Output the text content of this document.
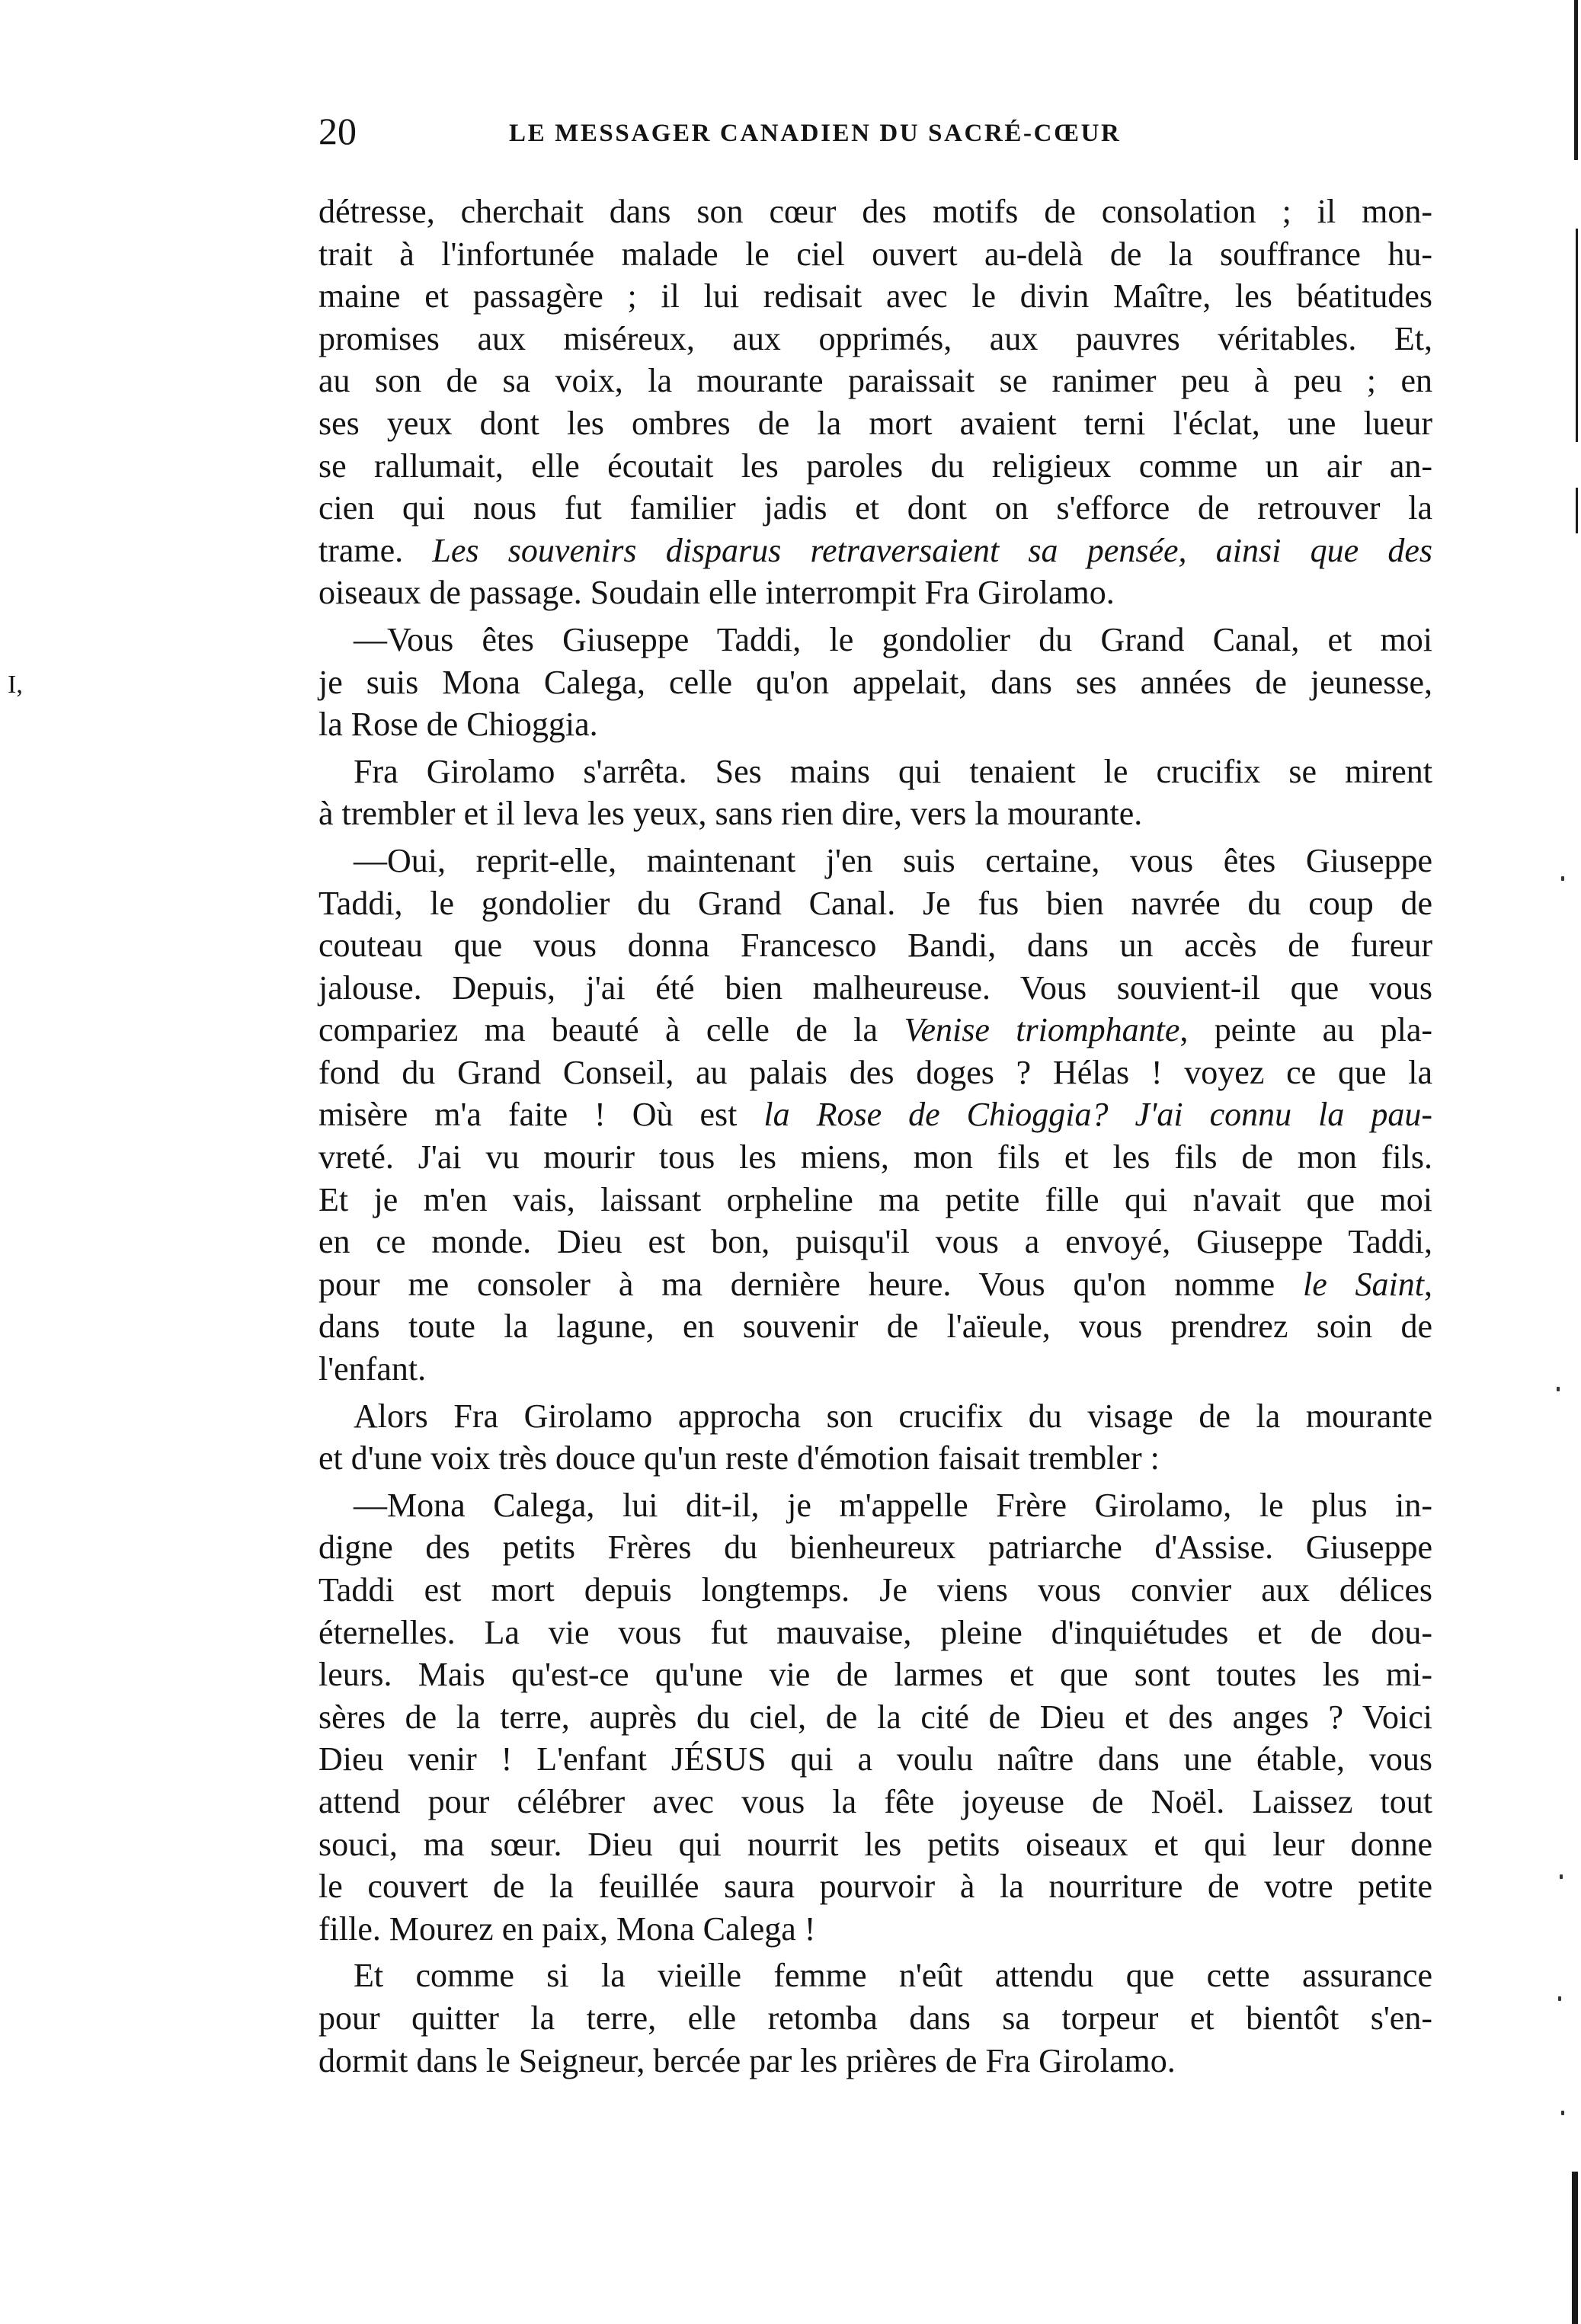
20	LE MESSAGER CANADIEN DU SACRÉ-CŒUR
I,

détresse, cherchait dans son cœur des motifs de consolation ; il mon-
trait à l'infortunée malade le ciel ouvert au-delà de la souffrance hu-
maine et passagère ; il lui redisait avec le divin Maître, les béatitudes
promises aux miséreux, aux opprimés, aux pauvres véritables. Et,
au son de sa voix, la mourante paraissait se ranimer peu à peu ; en
ses yeux dont les ombres de la mort avaient terni l'éclat, une lueur
se rallumait, elle écoutait les paroles du religieux comme un air an-
cien qui nous fut familier jadis et dont on s'efforce de retrouver la
trame. Les souvenirs disparus retraversaient sa pensée, ainsi que des
oiseaux de passage. Soudain elle interrompit Fra Girolamo.

—Vous êtes Giuseppe Taddi, le gondolier du Grand Canal, et moi
je suis Mona Calega, celle qu'on appelait, dans ses années de jeunesse,
la Rose de Chioggia.

Fra Girolamo s'arrêta. Ses mains qui tenaient le crucifix se mirent
à trembler et il leva les yeux, sans rien dire, vers la mourante.

—Oui, reprit-elle, maintenant j'en suis certaine, vous êtes Giuseppe
Taddi, le gondolier du Grand Canal. Je fus bien navrée du coup de
couteau que vous donna Francesco Bandi, dans un accès de fureur
jalouse. Depuis, j'ai été bien malheureuse. Vous souvient-il que vous
compariez ma beauté à celle de la Venise triomphante, peinte au pla-
fond du Grand Conseil, au palais des doges ? Hélas ! voyez ce que la
misère m'a faite ! Où est la Rose de Chioggia? J'ai connu la pau-
vreté. J'ai vu mourir tous les miens, mon fils et les fils de mon fils.
Et je m'en vais, laissant orpheline ma petite fille qui n'avait que moi
en ce monde. Dieu est bon, puisqu'il vous a envoyé, Giuseppe Taddi,
pour me consoler à ma dernière heure. Vous qu'on nomme le Saint,
dans toute la lagune, en souvenir de l'aïeule, vous prendrez soin de
l'enfant.

Alors Fra Girolamo approcha son crucifix du visage de la mourante
et d'une voix très douce qu'un reste d'émotion faisait trembler :

—Mona Calega, lui dit-il, je m'appelle Frère Girolamo, le plus in-
digne des petits Frères du bienheureux patriarche d'Assise. Giuseppe
Taddi est mort depuis longtemps. Je viens vous convier aux délices
éternelles. La vie vous fut mauvaise, pleine d'inquiétudes et de dou-
leurs. Mais qu'est-ce qu'une vie de larmes et que sont toutes les mi-
sères de la terre, auprès du ciel, de la cité de Dieu et des anges ? Voici
Dieu venir ! L'enfant JÉSUS qui a voulu naître dans une étable, vous
attend pour célébrer avec vous la fête joyeuse de Noël. Laissez tout
souci, ma sœur. Dieu qui nourrit les petits oiseaux et qui leur donne
le couvert de la feuillée saura pourvoir à la nourriture de votre petite
fille. Mourez en paix, Mona Calega !

Et comme si la vieille femme n'eût attendu que cette assurance
pour quitter la terre, elle retomba dans sa torpeur et bientôt s'en-
dormit dans le Seigneur, bercée par les prières de Fra Girolamo.
